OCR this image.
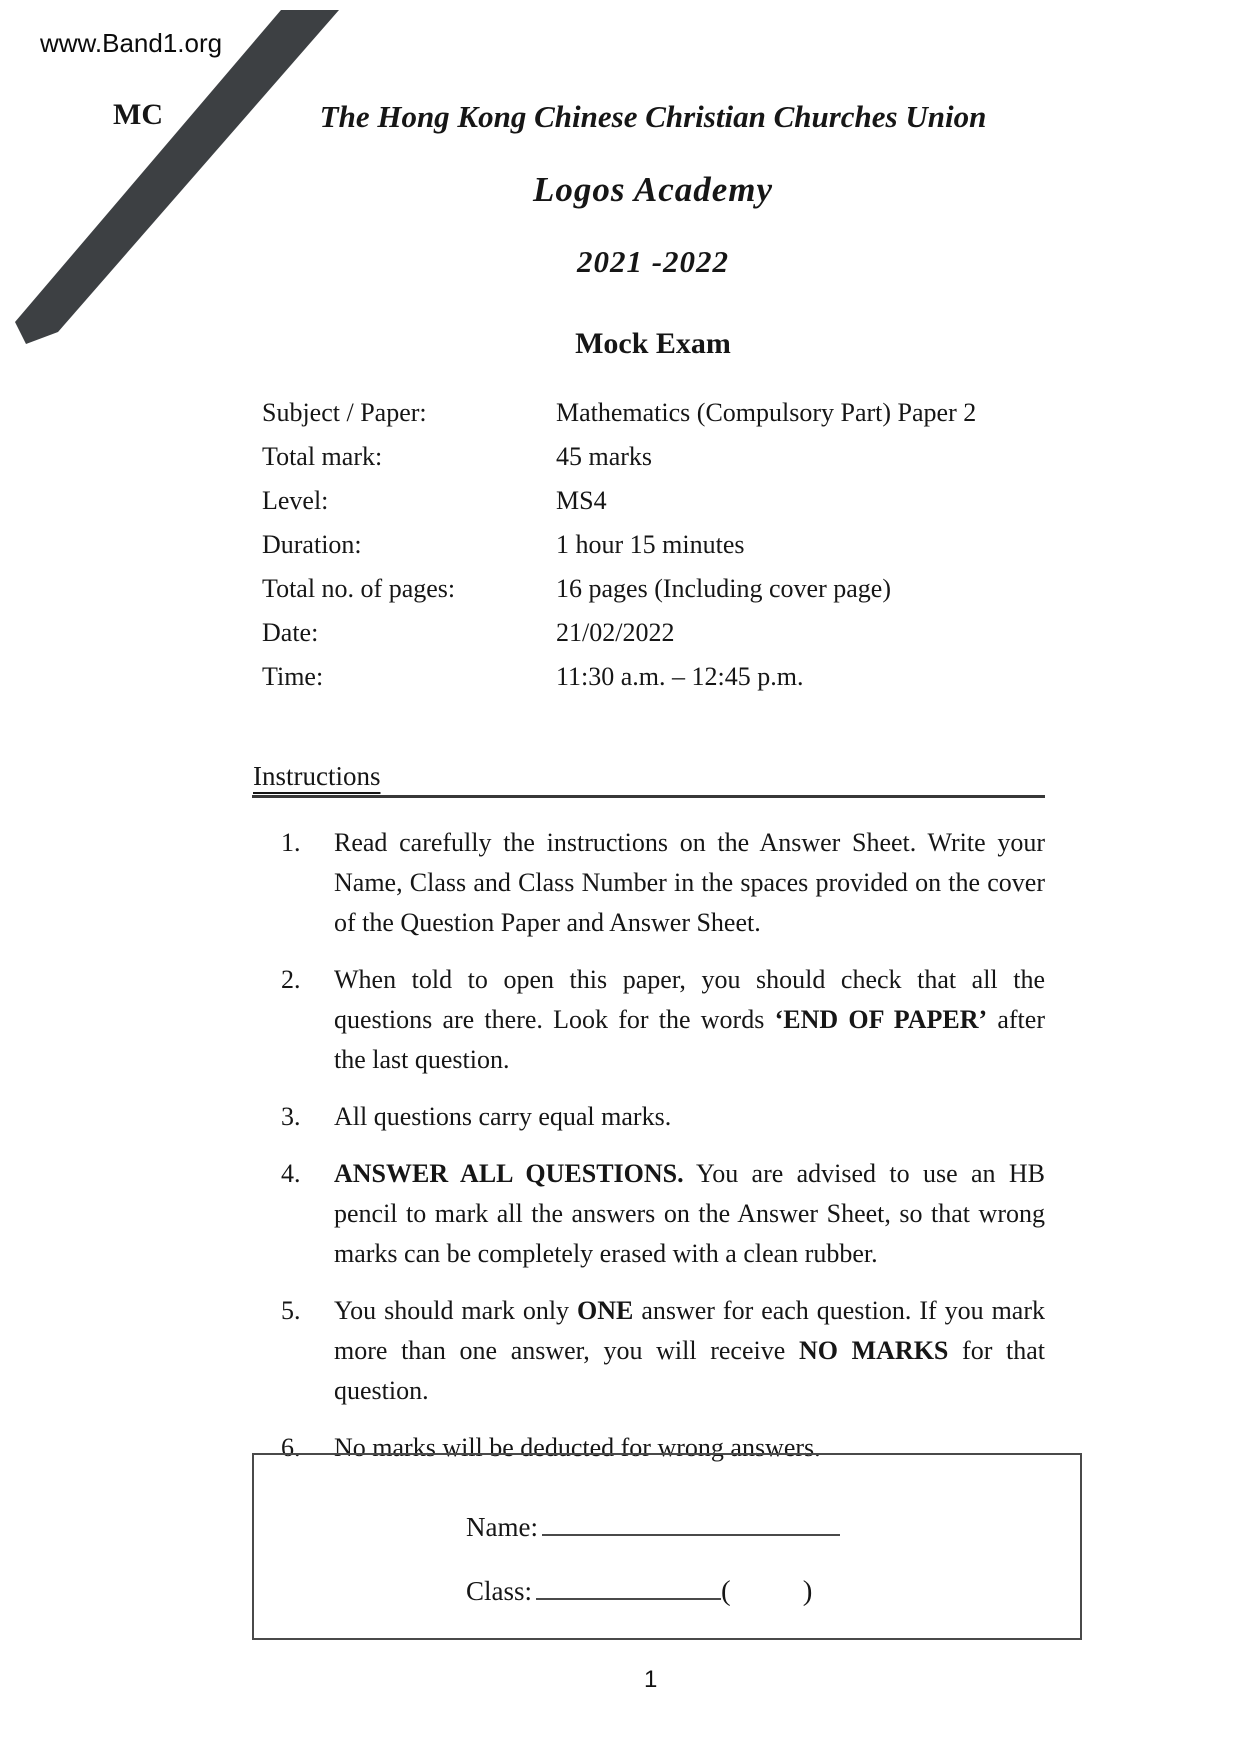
www.Band1.org
MC	The Hong Kong Chinese Christian Churches Union
Logos Academy
2021 -2022
Mock Exam
Subject / Paper:	Mathematics (Compulsory Part) Paper 2
Total mark:	45 marks
Level:	MS4
Duration:	1 hour 15 minutes
Total no. of pages:	16 pages (Including cover page)
Date:	21/02/2022
Time:	11:30 a.m. – 12:45 p.m.
Instructions
1.	Read carefully the instructions on the Answer Sheet. Write your Name, Class and Class Number in the spaces provided on the cover of the Question Paper and Answer Sheet.
2.	When told to open this paper, you should check that all the questions are there. Look for the words ‘END OF PAPER’ after the last question.
3.	All questions carry equal marks.
4.	ANSWER ALL QUESTIONS. You are advised to use an HB pencil to mark all the answers on the Answer Sheet, so that wrong marks can be completely erased with a clean rubber.
5.	You should mark only ONE answer for each question. If you mark more than one answer, you will receive NO MARKS for that question.
6.	No marks will be deducted for wrong answers.
Name:
Class:	( )
1
